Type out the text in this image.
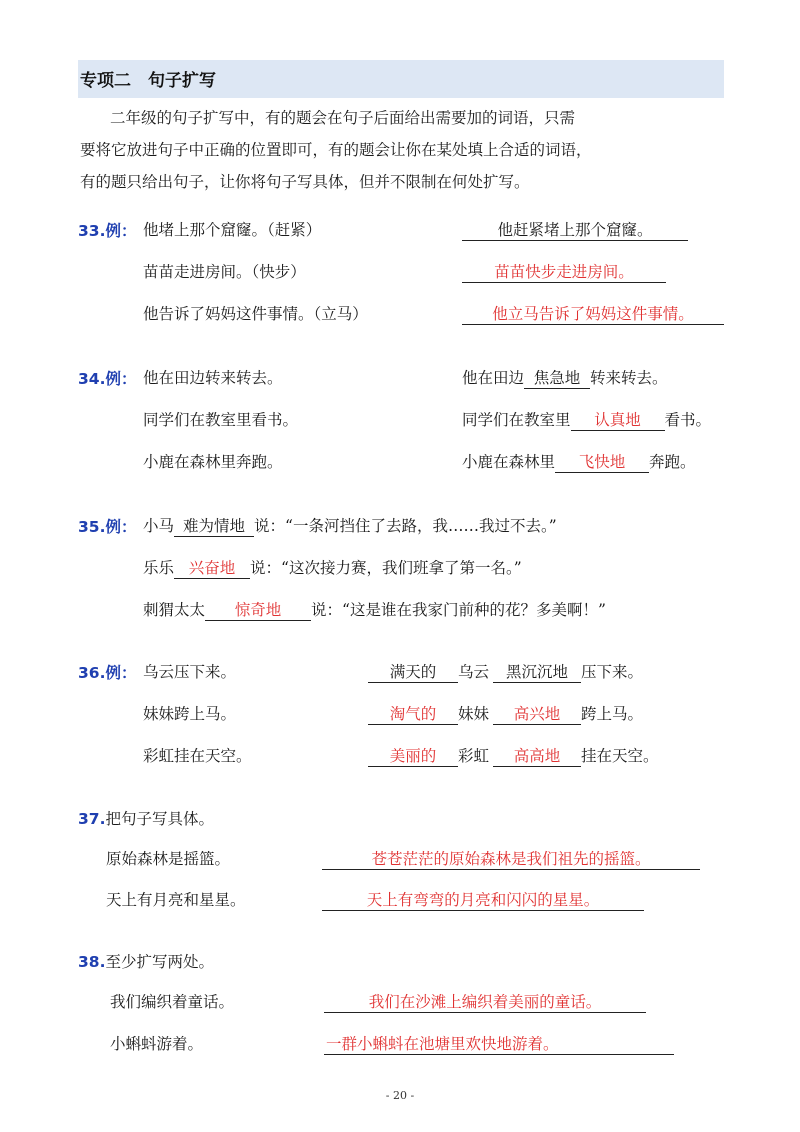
专项二　句子扩写
二年级的句子扩写中，有的题会在句子后面给出需要加的词语，只需
要将它放进句子中正确的位置即可，有的题会让你在某处填上合适的词语，
有的题只给出句子，让你将句子写具体，但并不限制在何处扩写。
33.例： 他堵上那个窟窿。（赶紧）	他赶紧堵上那个窟窿。
苗苗走进房间。（快步）	苗苗快步走进房间。
他告诉了妈妈这件事情。（立马）	他立马告诉了妈妈这件事情。
34.例： 他在田边转来转去。	他在田边 焦急地 转来转去。
同学们在教室里看书。	同学们在教室里 认真地 看书。
小鹿在森林里奔跑。	小鹿在森林里 飞快地 奔跑。
35.例： 小马 难为情地 说：“一条河挡住了去路，我……我过不去。”
乐乐 兴奋地 说：“这次接力赛，我们班拿了第一名。”
刺猬太太 惊奇地 说：“这是谁在我家门前种的花？多美啊！”
36.例： 乌云压下来。	满天的 乌云 黑沉沉地 压下来。
妹妹跨上马。	淘气的 妹妹 高兴地 跨上马。
彩虹挂在天空。	美丽的 彩虹 高高地 挂在天空。
37.把句子写具体。
原始森林是摇篮。	苍苍茫茫的原始森林是我们祖先的摇篮。
天上有月亮和星星。	天上有弯弯的月亮和闪闪的星星。
38.至少扩写两处。
我们编织着童话。	我们在沙滩上编织着美丽的童话。
小蝌蚪游着。	一群小蝌蚪在池塘里欢快地游着。
- 20 -
